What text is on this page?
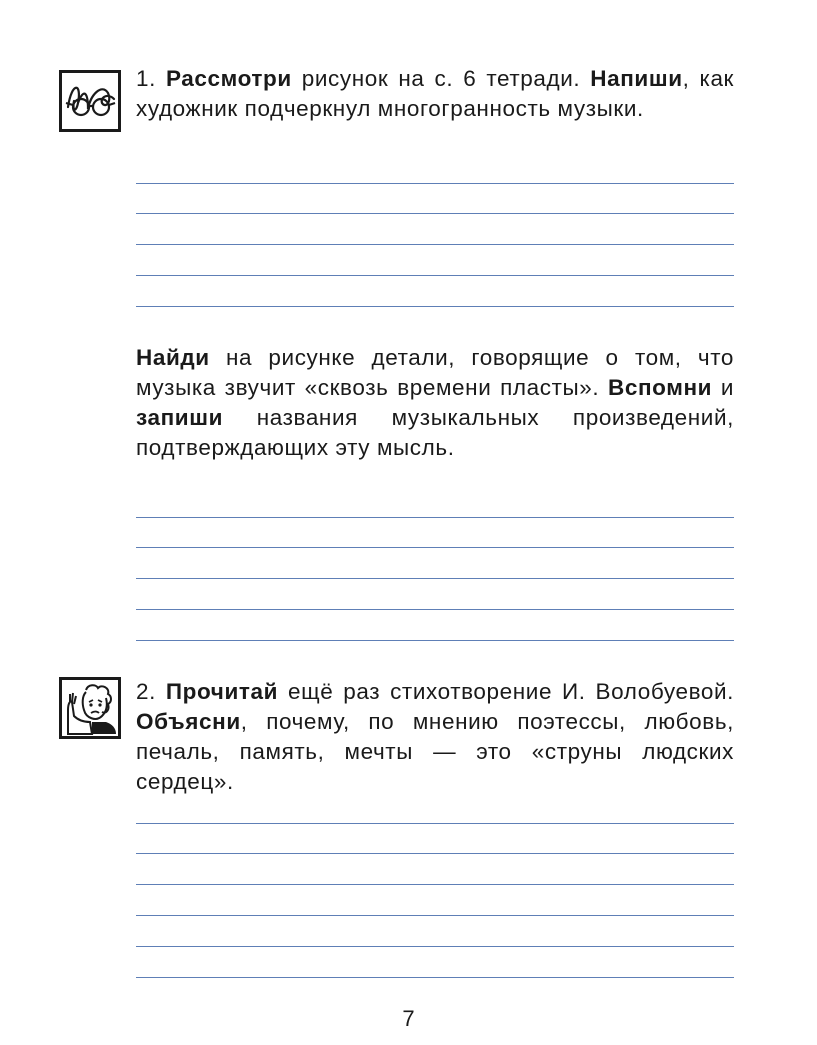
1. Рассмотри рисунок на с. 6 тетради. Напиши, как художник подчеркнул многогранность музыки.

Найди на рисунке детали, говорящие о том, что музыка звучит «сквозь времени пласты». Вспомни и запиши названия музыкальных произведений, подтверждающих эту мысль.

2. Прочитай ещё раз стихотворение И. Волобуевой. Объясни, почему, по мнению поэтессы, любовь, печаль, память, мечты — это «струны людских сердец».

7
